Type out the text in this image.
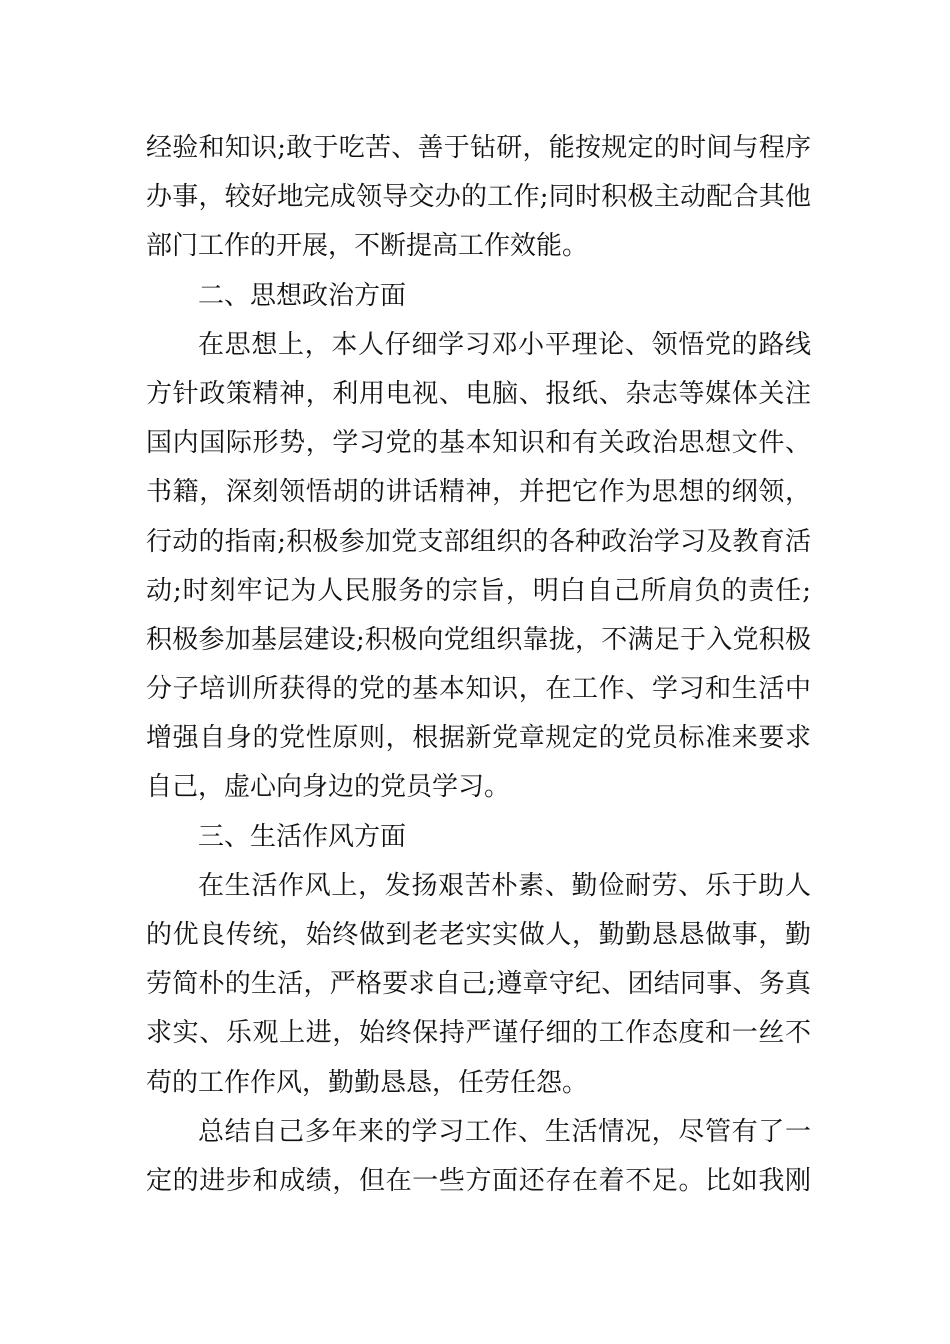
经验和知识;敢于吃苦、善于钻研，能按规定的时间与程序
办事，较好地完成领导交办的工作;同时积极主动配合其他
部门工作的开展，不断提高工作效能。
二、思想政治方面
在思想上，本人仔细学习邓小平理论、领悟党的路线
方针政策精神，利用电视、电脑、报纸、杂志等媒体关注
国内国际形势，学习党的基本知识和有关政治思想文件、
书籍，深刻领悟胡的讲话精神，并把它作为思想的纲领，
行动的指南;积极参加党支部组织的各种政治学习及教育活
动;时刻牢记为人民服务的宗旨，明白自己所肩负的责任;
积极参加基层建设;积极向党组织靠拢，不满足于入党积极
分子培训所获得的党的基本知识，在工作、学习和生活中
增强自身的党性原则，根据新党章规定的党员标准来要求
自己，虚心向身边的党员学习。
三、生活作风方面
在生活作风上，发扬艰苦朴素、勤俭耐劳、乐于助人
的优良传统，始终做到老老实实做人，勤勤恳恳做事，勤
劳简朴的生活，严格要求自己;遵章守纪、团结同事、务真
求实、乐观上进，始终保持严谨仔细的工作态度和一丝不
苟的工作作风，勤勤恳恳，任劳任怨。
总结自己多年来的学习工作、生活情况，尽管有了一
定的进步和成绩，但在一些方面还存在着不足。比如我刚
